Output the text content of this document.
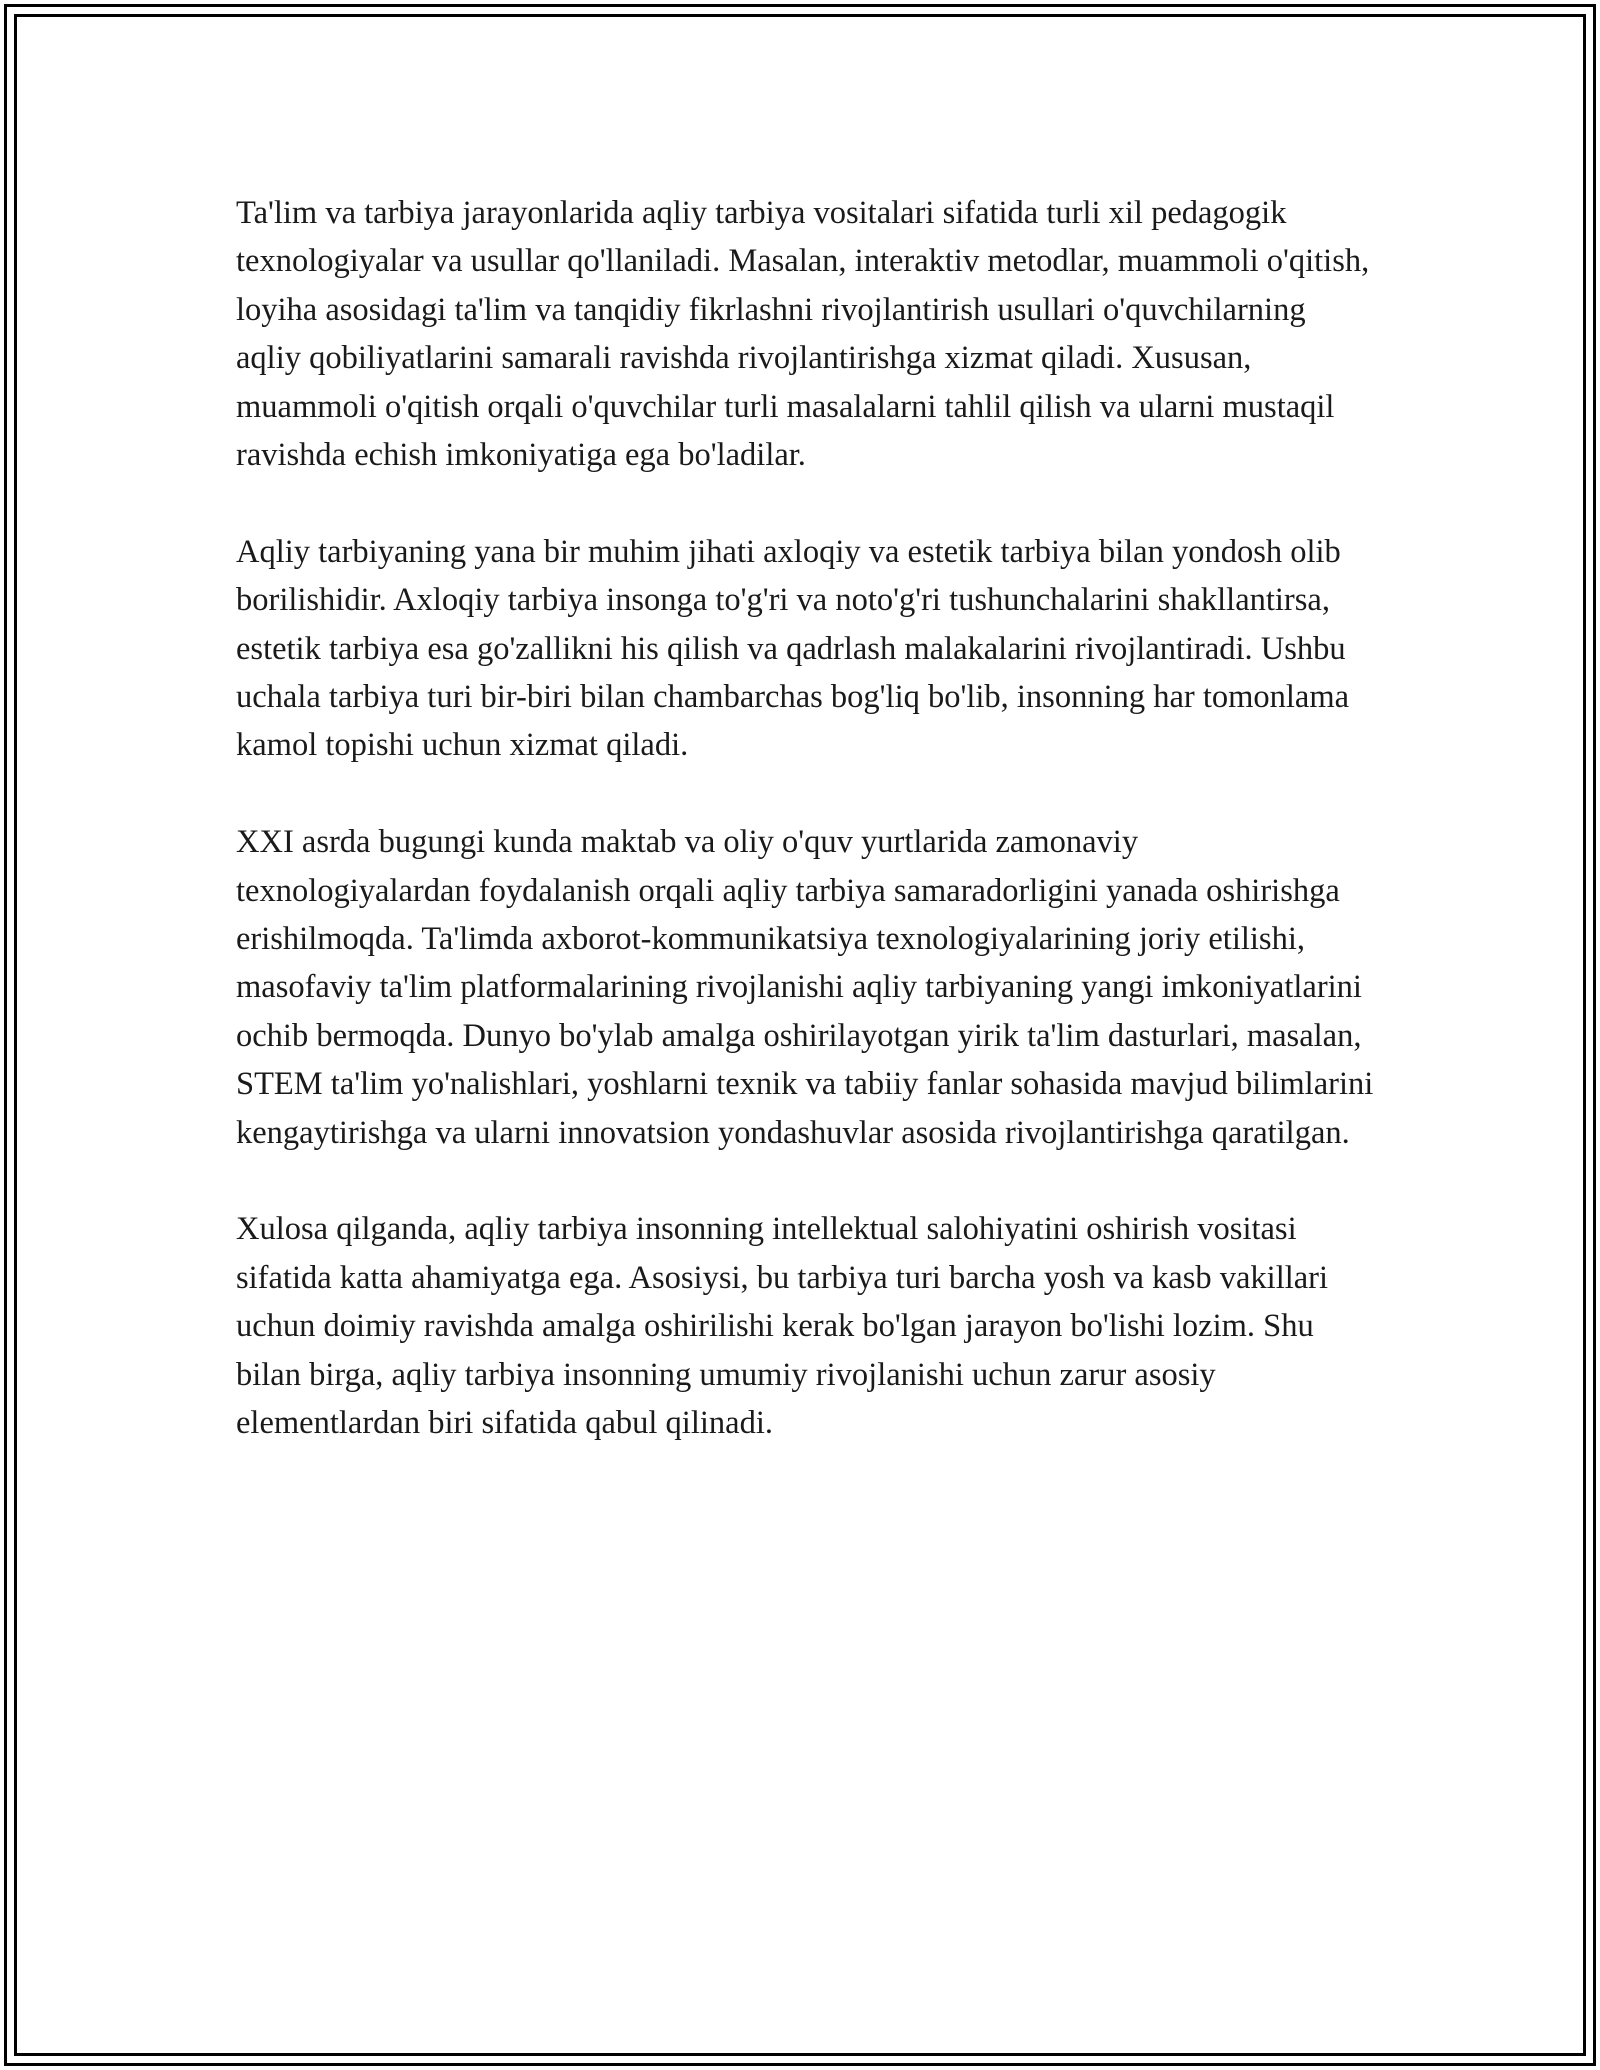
Ta'lim va tarbiya jarayonlarida aqliy tarbiya vositalari sifatida turli xil pedagogik texnologiyalar va usullar qo'llaniladi. Masalan, interaktiv metodlar, muammoli o'qitish, loyiha asosidagi ta'lim va tanqidiy fikrlashni rivojlantirish usullari o'quvchilarning aqliy qobiliyatlarini samarali ravishda rivojlantirishga xizmat qiladi. Xususan, muammoli o'qitish orqali o'quvchilar turli masalalarni tahlil qilish va ularni mustaqil ravishda echish imkoniyatiga ega bo'ladilar.

Aqliy tarbiyaning yana bir muhim jihati axloqiy va estetik tarbiya bilan yondosh olib borilishidir. Axloqiy tarbiya insonga to'g'ri va noto'g'ri tushunchalarini shakllantirsa, estetik tarbiya esa go'zallikni his qilish va qadrlash malakalarini rivojlantiradi. Ushbu uchala tarbiya turi bir-biri bilan chambarchas bog'liq bo'lib, insonning har tomonlama kamol topishi uchun xizmat qiladi.

XXI asrda bugungi kunda maktab va oliy o'quv yurtlarida zamonaviy texnologiyalardan foydalanish orqali aqliy tarbiya samaradorligini yanada oshirishga erishilmoqda. Ta'limda axborot-kommunikatsiya texnologiyalarining joriy etilishi, masofaviy ta'lim platformalarining rivojlanishi aqliy tarbiyaning yangi imkoniyatlarini ochib bermoqda. Dunyo bo'ylab amalga oshirilayotgan yirik ta'lim dasturlari, masalan, STEM ta'lim yo'nalishlari, yoshlarni texnik va tabiiy fanlar sohasida mavjud bilimlarini kengaytirishga va ularni innovatsion yondashuvlar asosida rivojlantirishga qaratilgan.

Xulosa qilganda, aqliy tarbiya insonning intellektual salohiyatini oshirish vositasi sifatida katta ahamiyatga ega. Asosiysi, bu tarbiya turi barcha yosh va kasb vakillari uchun doimiy ravishda amalga oshirilishi kerak bo'lgan jarayon bo'lishi lozim. Shu bilan birga, aqliy tarbiya insonning umumiy rivojlanishi uchun zarur asosiy elementlardan biri sifatida qabul qilinadi.
